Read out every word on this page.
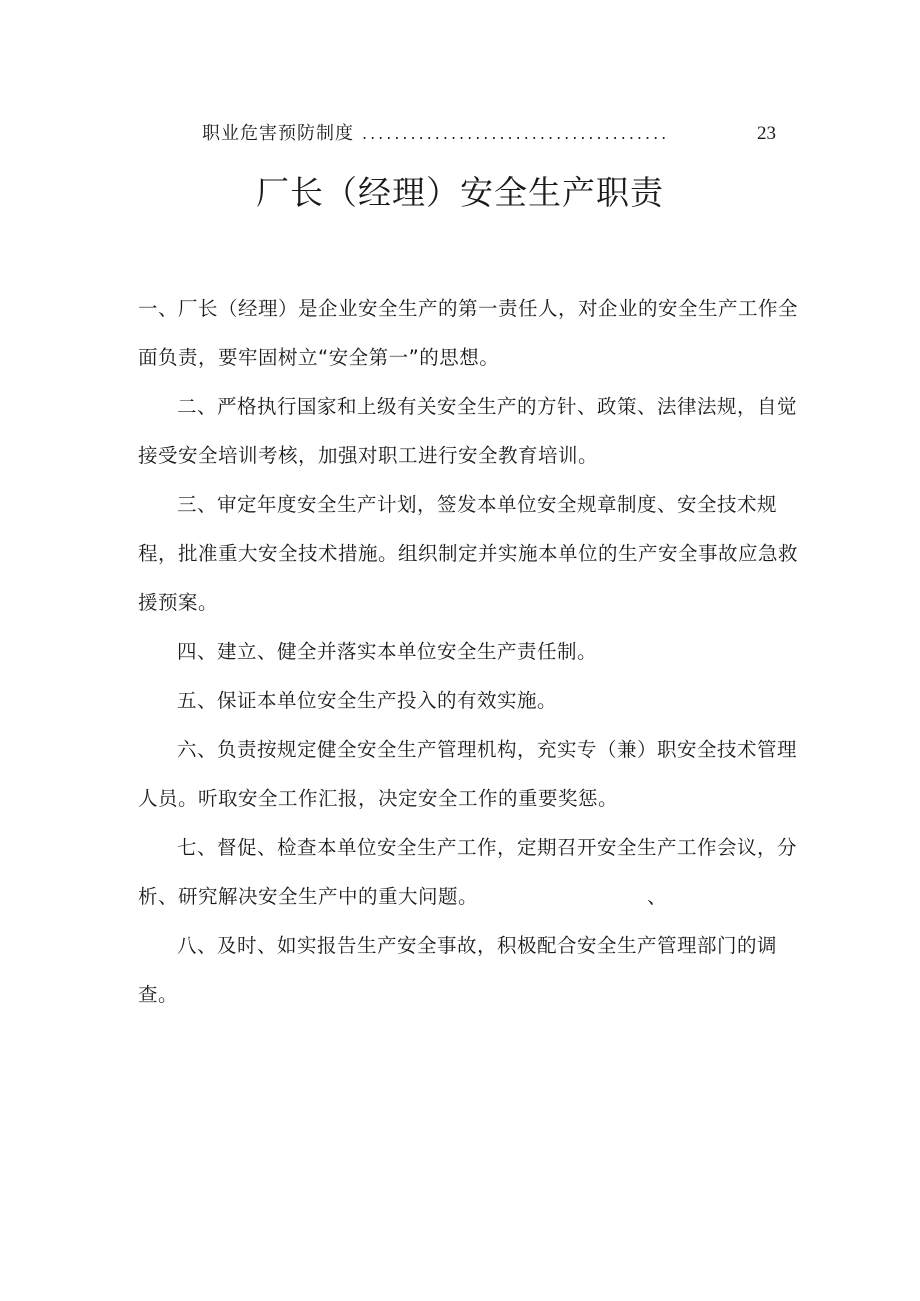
职业危害预防制度 ......................................	23
厂长（经理）安全生产职责

一、厂长（经理）是企业安全生产的第一责任人，对企业的安全生产工作全面负责，要牢固树立“安全第一”的思想。

二、严格执行国家和上级有关安全生产的方针、政策、法律法规，自觉接受安全培训考核，加强对职工进行安全教育培训。

三、审定年度安全生产计划，签发本单位安全规章制度、安全技术规程，批准重大安全技术措施。组织制定并实施本单位的生产安全事故应急救援预案。

四、建立、健全并落实本单位安全生产责任制。

五、保证本单位安全生产投入的有效实施。

六、负责按规定健全安全生产管理机构，充实专（兼）职安全技术管理人员。听取安全工作汇报，决定安全工作的重要奖惩。

七、督促、检查本单位安全生产工作，定期召开安全生产工作会议，分析、研究解决安全生产中的重大问题。	、

八、及时、如实报告生产安全事故，积极配合安全生产管理部门的调查。
